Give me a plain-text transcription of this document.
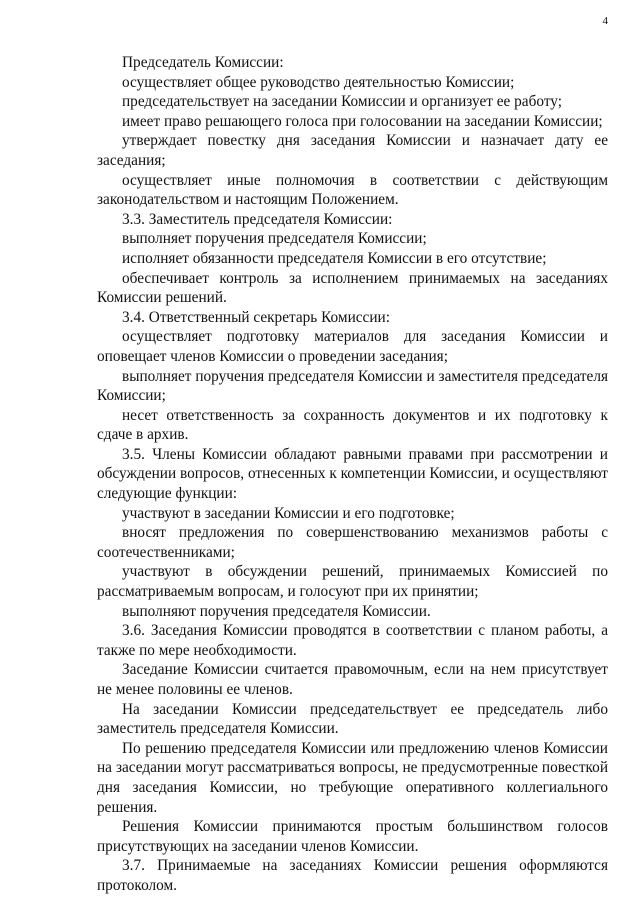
4

Председатель Комиссии:

осуществляет общее руководство деятельностью Комиссии;

председательствует на заседании Комиссии и организует ее работу;

имеет право решающего голоса при голосовании на заседании Комиссии;

утверждает повестку дня заседания Комиссии и назначает дату ее заседания;

осуществляет иные полномочия в соответствии с действующим законодательством и настоящим Положением.

3.3. Заместитель председателя Комиссии:

выполняет поручения председателя Комиссии;

исполняет обязанности председателя Комиссии в его отсутствие;

обеспечивает контроль за исполнением принимаемых на заседаниях Комиссии решений.

3.4. Ответственный секретарь Комиссии:

осуществляет подготовку материалов для заседания Комиссии и оповещает членов Комиссии о проведении заседания;

выполняет поручения председателя Комиссии и заместителя председателя Комиссии;

несет ответственность за сохранность документов и их подготовку к сдаче в архив.

3.5. Члены Комиссии обладают равными правами при рассмотрении и обсуждении вопросов, отнесенных к компетенции Комиссии, и осуществляют следующие функции:

участвуют в заседании Комиссии и его подготовке;

вносят предложения по совершенствованию механизмов работы с соотечественниками;

участвуют в обсуждении решений, принимаемых Комиссией по рассматриваемым вопросам, и голосуют при их принятии;

выполняют поручения председателя Комиссии.

3.6. Заседания Комиссии проводятся в соответствии с планом работы, а также по мере необходимости.

Заседание Комиссии считается правомочным, если на нем присутствует не менее половины ее членов.

На заседании Комиссии председательствует ее председатель либо заместитель председателя Комиссии.

По решению председателя Комиссии или предложению членов Комиссии на заседании могут рассматриваться вопросы, не предусмотренные повесткой дня заседания Комиссии, но требующие оперативного коллегиального решения.

Решения Комиссии принимаются простым большинством голосов присутствующих на заседании членов Комиссии.

3.7. Принимаемые на заседаниях Комиссии решения оформляются протоколом.
